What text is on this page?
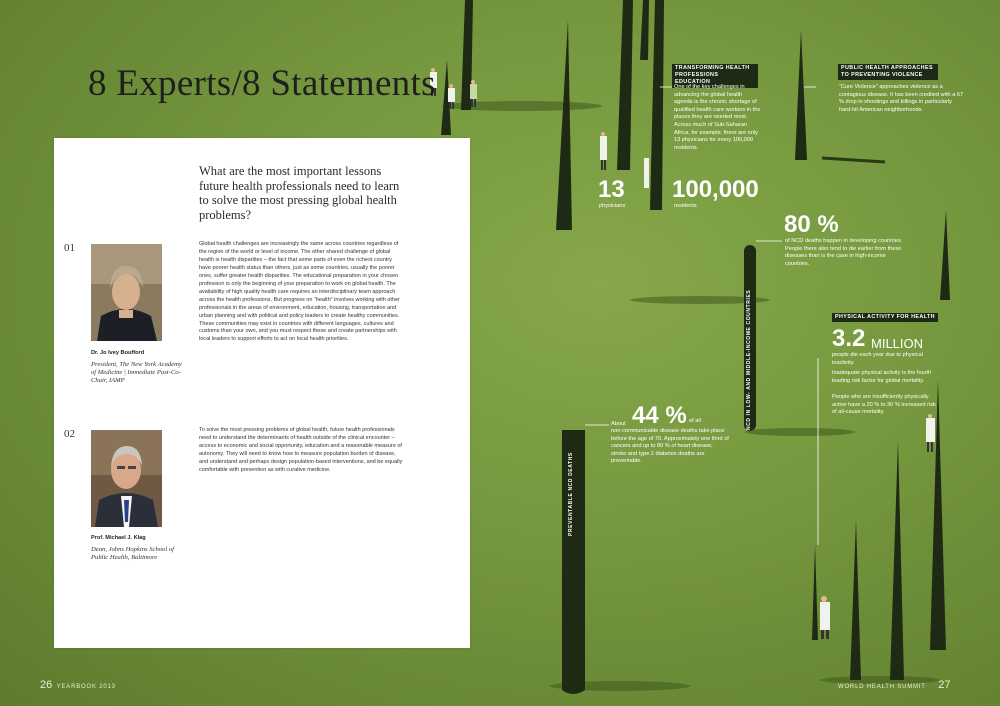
8 Experts/8 Statements
What are the most important lessons future health professionals need to learn to solve the most pressing global health problems?
01
Dr. Jo Ivey Boufford
President, The New York Academy of Medicine | Immediate Past-Co-Chair, IAMP
Global health challenges are increasingly the same across countries regardless of the region of the world or level of income. The other shared challenge of global health is health disparities – the fact that some parts of even the richest country have poorer health status than others, just as some countries, usually the poorer ones, suffer greater health disparities. The educational preparation in your chosen profession is only the beginning of your preparation to work on global health. The availability of high quality health care requires an interdisciplinary team approach across the health professions. But progress on “health” involves working with other professionals in the areas of environment, education, housing, transportation and urban planning and with political and policy leaders to create healthy communities. These communities may exist in countries with different languages, cultures and customs than your own, and you must respect these and create partnerships with local leaders to support efforts to act on local health priorities.
02
Prof. Michael J. Klag
Dean, Johns Hopkins School of Public Health, Baltimore
To solve the most pressing problems of global health, future health professionals need to understand the determinants of health outside of the clinical encounter – access to economic and social opportunity, education and a reasonable measure of autonomy. They will need to know how to measure population burden of disease, and understand and perhaps design population-based interventions, and be equally comfortable with prevention as with curative medicine.
TRANSFORMING HEALTH PROFESSIONS EDUCATION
One of the key challenges in advancing the global health agenda is the chronic shortage of qualified health care workers in the places they are needed most. Across much of Sub-Saharan Africa, for example, there are only 13 physicians for every 100,000 residents.
13
physicians
100,000
residents
PUBLIC HEALTH APPROACHES TO PREVENTING VIOLENCE
“Cure Violence” approaches violence as a contagious disease. It has been credited with a 67 % drop in shootings and killings in particularly hard-hit American neighborhoods.
80 %
of NCD deaths happen in developing countries. People there also tend to die earlier from these diseases than is the case in high-income countries.
NCD IN LOW- AND MIDDLE-INCOME COUNTRIES	PHYSICAL ACTIVITY FOR HEALTH
3.2 MILLION
people die each year due to physical inactivity.
Inadequate physical activity is the fourth leading risk factor for global mortality.
People who are insufficiently physically active have a 20 % to 30 % increased risk of all-cause mortality.
About 44 % of all
non-communicable disease deaths take place before the age of 70. Approximately one third of cancers and up to 80 % of heart disease, stroke and type 2 diabetes deaths are preventable.
PREVENTABLE NCD DEATHS
26 YEARBOOK 2013	WORLD HEALTH SUMMIT 27
